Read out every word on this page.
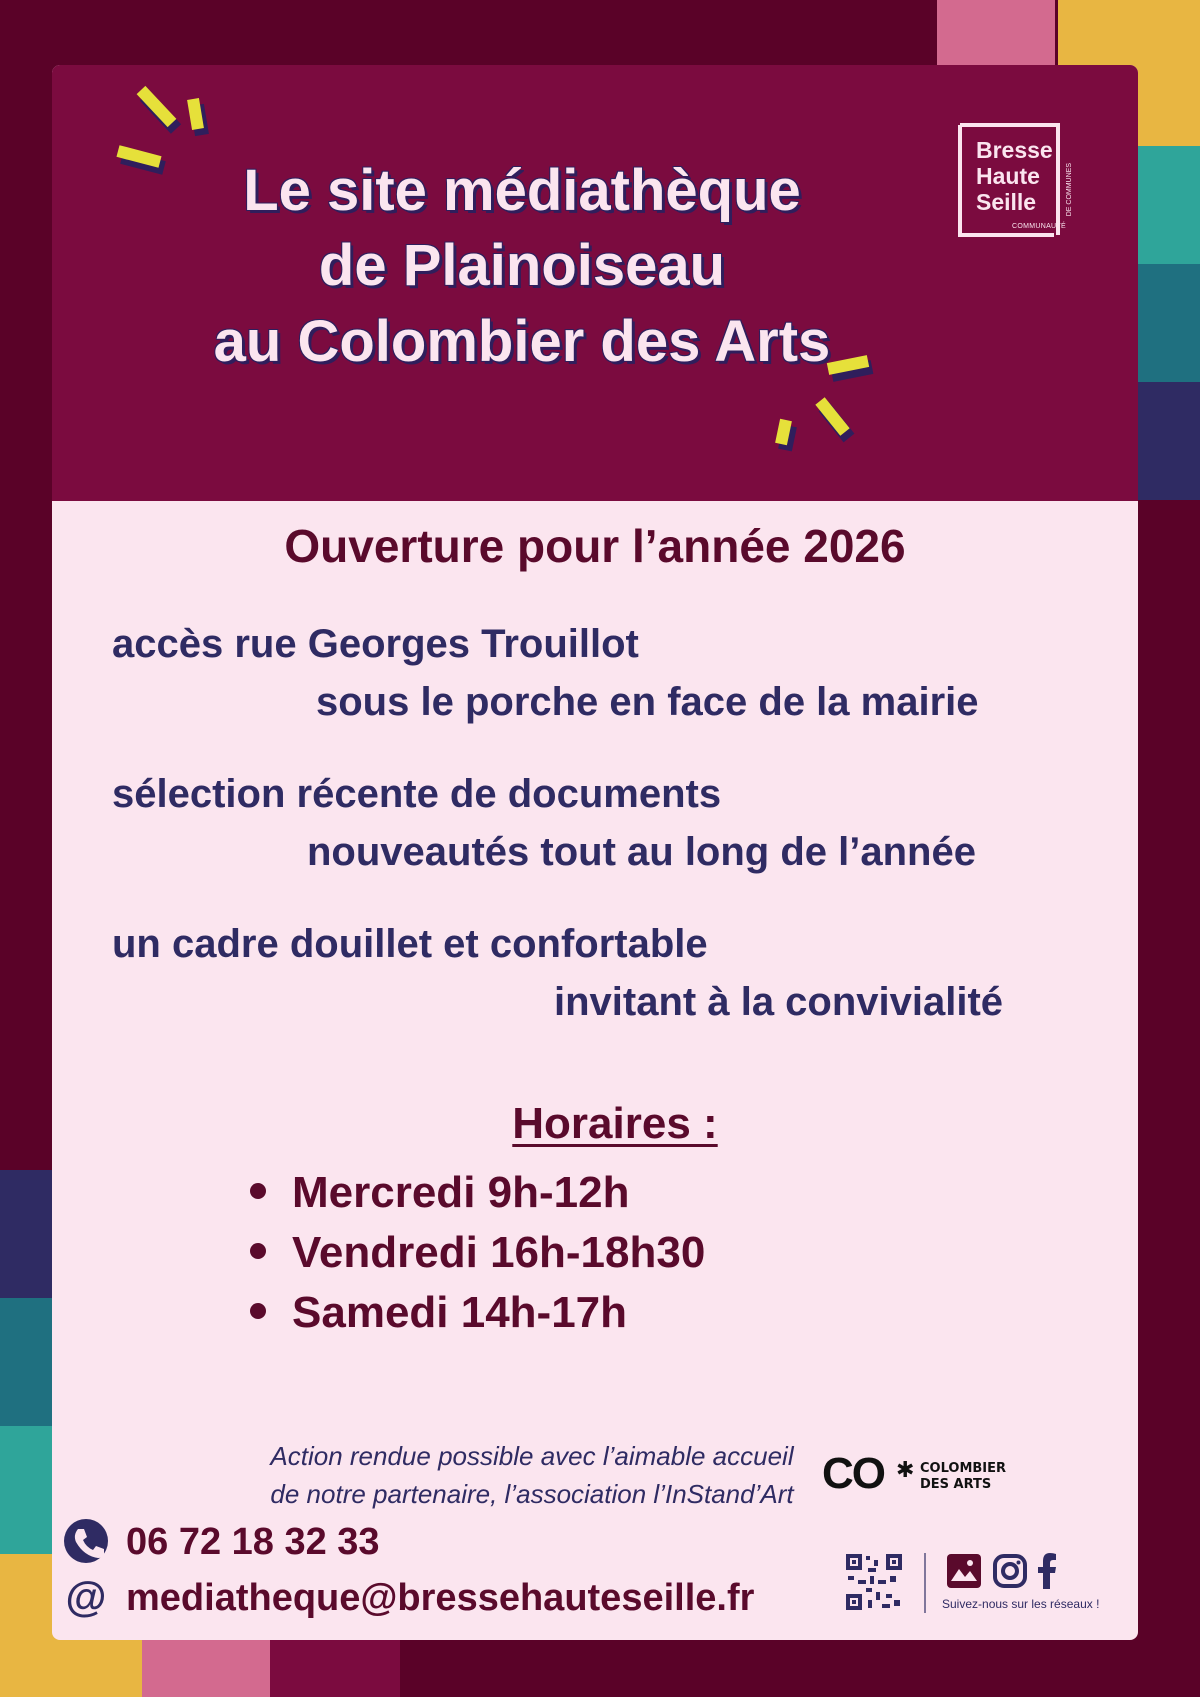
Le site médiathèque
de Plainoiseau
au Colombier des Arts
Bresse
Haute
Seille
COMMUNAUTÉ
DE COMMUNES
Ouverture pour l’année 2026
accès rue Georges Trouillot
sous le porche en face de la mairie
sélection récente de documents
nouveautés tout au long de l’année
un cadre douillet et confortable
invitant à la convivialité
Horaires :
Mercredi 9h-12h
Vendredi 16h-18h30
Samedi 14h-17h
Action rendue possible avec l’aimable accueil
de notre partenaire, l’association l’InStand’Art CO ✱ COLOMBIER
DES ARTS
06 72 18 32 33
@ mediatheque@bressehauteseille.fr	Suivez-nous sur les réseaux !
